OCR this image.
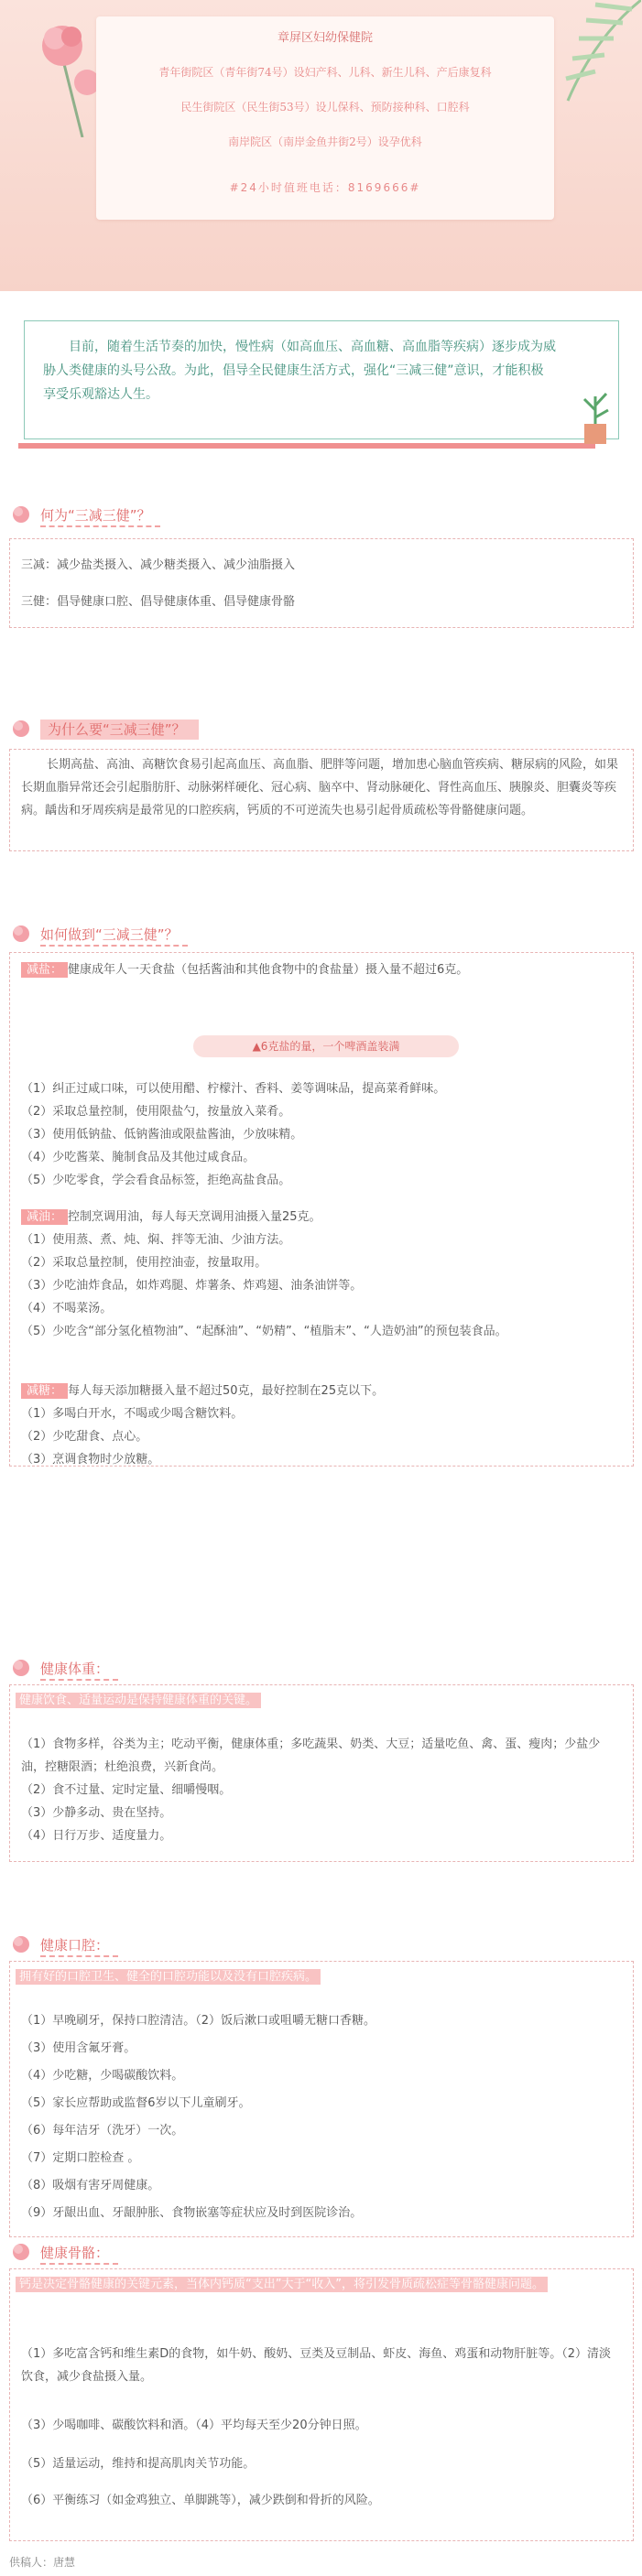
章屏区妇幼保健院
青年街院区（青年街74号）设妇产科、儿科、新生儿科、产后康复科
民生街院区（民生街53号）设儿保科、预防接种科、口腔科
南岸院区（南岸金鱼井街2号）设孕优科
#24小时值班电话：8169666#
目前，随着生活节奏的加快，慢性病（如高血压、高血糖、高血脂等疾病）逐步成为威胁人类健康的头号公敌。为此，倡导全民健康生活方式，强化“三减三健”意识，才能积极享受乐观豁达人生。
何为“三减三健”？
三减：减少盐类摄入、减少糖类摄入、减少油脂摄入
三健：倡导健康口腔、倡导健康体重、倡导健康骨骼
为什么要“三减三健”？
长期高盐、高油、高糖饮食易引起高血压、高血脂、肥胖等问题，增加患心脑血管疾病、糖尿病的风险，如果长期血脂异常还会引起脂肪肝、动脉粥样硬化、冠心病、脑卒中、肾动脉硬化、肾性高血压、胰腺炎、胆囊炎等疾病。龋齿和牙周疾病是最常见的口腔疾病，钙质的不可逆流失也易引起骨质疏松等骨骼健康问题。
如何做到“三减三健”？
减盐： 健康成年人一天食盐（包括酱油和其他食物中的食盐量）摄入量不超过6克。
▲6克盐的量，一个啤酒盖装满
（1）纠正过咸口味，可以使用醋、柠檬汁、香料、姜等调味品，提高菜肴鲜味。
（2）采取总量控制，使用限盐勺，按量放入菜肴。
（3）使用低钠盐、低钠酱油或限盐酱油，少放味精。
（4）少吃酱菜、腌制食品及其他过咸食品。
（5）少吃零食，学会看食品标签，拒绝高盐食品。
减油： 控制烹调用油，每人每天烹调用油摄入量25克。
（1）使用蒸、煮、炖、焖、拌等无油、少油方法。
（2）采取总量控制，使用控油壶，按量取用。
（3）少吃油炸食品，如炸鸡腿、炸薯条、炸鸡翅、油条油饼等。
（4）不喝菜汤。
（5）少吃含“部分氢化植物油”、“起酥油”、“奶精”、“植脂末”、“人造奶油”的预包装食品。
减糖： 每人每天添加糖摄入量不超过50克，最好控制在25克以下。
（1）多喝白开水，不喝或少喝含糖饮料。
（2）少吃甜食、点心。
（3）烹调食物时少放糖。
健康体重：
健康饮食、适量运动是保持健康体重的关键。
（1）食物多样，谷类为主；吃动平衡，健康体重；多吃蔬果、奶类、大豆；适量吃鱼、禽、蛋、瘦肉；少盐少油，控糖限酒；杜绝浪费，兴新食尚。
（2）食不过量、定时定量、细嚼慢咽。
（3）少静多动、贵在坚持。
（4）日行万步、适度量力。
健康口腔：
拥有好的口腔卫生、健全的口腔功能以及没有口腔疾病。
（1）早晚刷牙，保持口腔清洁。（2）饭后漱口或咀嚼无糖口香糖。
（3）使用含氟牙膏。
（4）少吃糖，少喝碳酸饮料。
（5）家长应帮助或监督6岁以下儿童刷牙。
（6）每年洁牙（洗牙）一次。
（7）定期口腔检查 。
（8）吸烟有害牙周健康。
（9）牙龈出血、牙龈肿胀、食物嵌塞等症状应及时到医院诊治。
健康骨骼：
钙是决定骨骼健康的关键元素，当体内钙质“支出”大于“收入”，将引发骨质疏松症等骨骼健康问题。
（1）多吃富含钙和维生素D的食物，如牛奶、酸奶、豆类及豆制品、虾皮、海鱼、鸡蛋和动物肝脏等。（2）清淡饮食，减少食盐摄入量。
（3）少喝咖啡、碳酸饮料和酒。（4）平均每天至少20分钟日照。
（5）适量运动，维持和提高肌肉关节功能。
（6）平衡练习（如金鸡独立、单脚跳等），减少跌倒和骨折的风险。
供稿人：唐慧
